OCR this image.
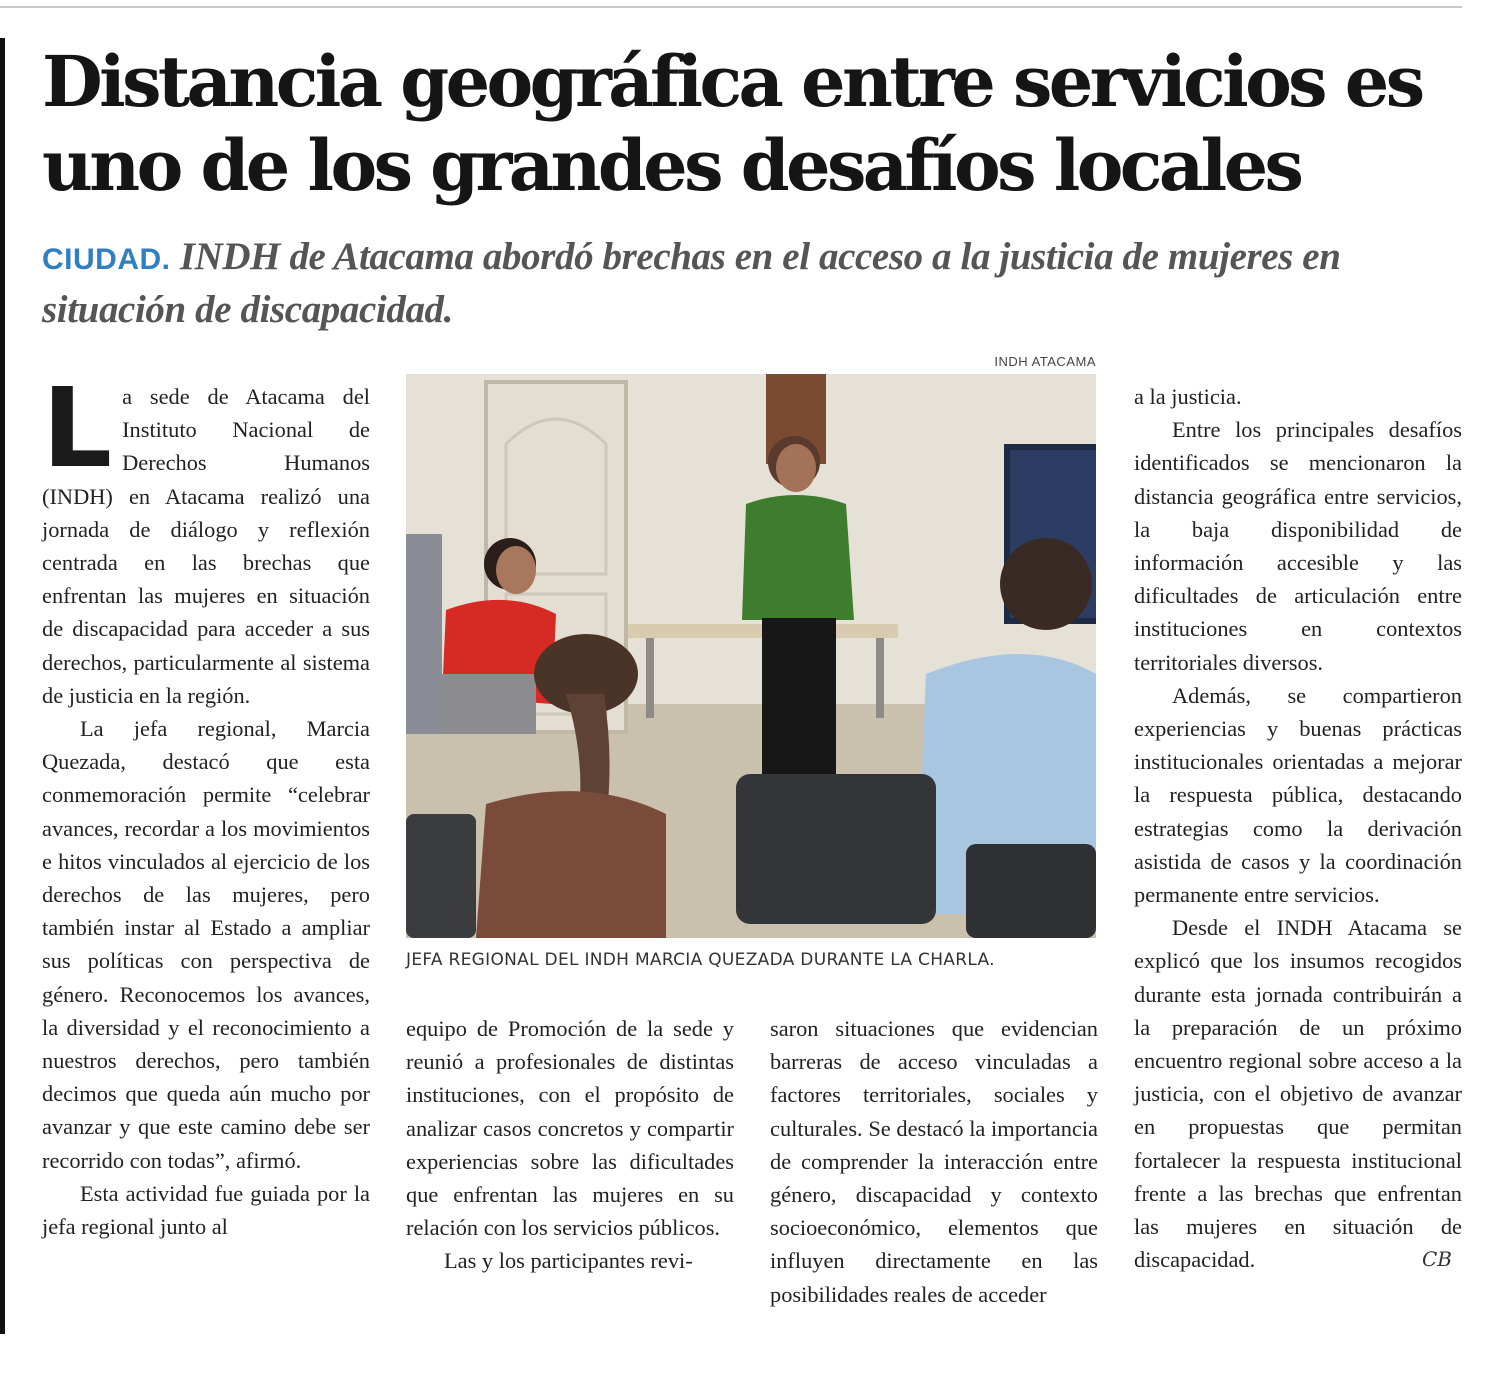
Distancia geográfica entre servicios es
uno de los grandes desafíos locales

CIUDAD. INDH de Atacama abordó brechas en el acceso a la justicia de mujeres en situación de discapacidad.

La sede de Atacama del Instituto Nacional de Derechos Humanos (INDH) en Atacama realizó una jornada de diálogo y reflexión centrada en las brechas que enfrentan las mujeres en situación de discapacidad para acceder a sus derechos, particularmente al sistema de justicia en la región.

La jefa regional, Marcia Quezada, destacó que esta conmemoración permite “celebrar avances, recordar a los movimientos e hitos vinculados al ejercicio de los derechos de las mujeres, pero también instar al Estado a ampliar sus políticas con perspectiva de género. Reconocemos los avances, la diversidad y el reconocimiento a nuestros derechos, pero también decimos que queda aún mucho por avanzar y que este camino debe ser recorrido con todas”, afirmó.

Esta actividad fue guiada por la jefa regional junto al

INDH ATACAMA
JEFA REGIONAL DEL INDH MARCIA QUEZADA DURANTE LA CHARLA.

equipo de Promoción de la sede y reunió a profesionales de distintas instituciones, con el propósito de analizar casos concretos y compartir experiencias sobre las dificultades que enfrentan las mujeres en su relación con los servicios públicos.

Las y los participantes revi-

saron situaciones que evidencian barreras de acceso vinculadas a factores territoriales, sociales y culturales. Se destacó la importancia de comprender la interacción entre género, discapacidad y contexto socioeconómico, elementos que influyen directamente en las posibilidades reales de acceder

a la justicia.

Entre los principales desafíos identificados se mencionaron la distancia geográfica entre servicios, la baja disponibilidad de información accesible y las dificultades de articulación entre instituciones en contextos territoriales diversos.

Además, se compartieron experiencias y buenas prácticas institucionales orientadas a mejorar la respuesta pública, destacando estrategias como la derivación asistida de casos y la coordinación permanente entre servicios.

Desde el INDH Atacama se explicó que los insumos recogidos durante esta jornada contribuirán a la preparación de un próximo encuentro regional sobre acceso a la justicia, con el objetivo de avanzar en propuestas que permitan fortalecer la respuesta institucional frente a las brechas que enfrentan las mujeres en situación de discapacidad.	CB
